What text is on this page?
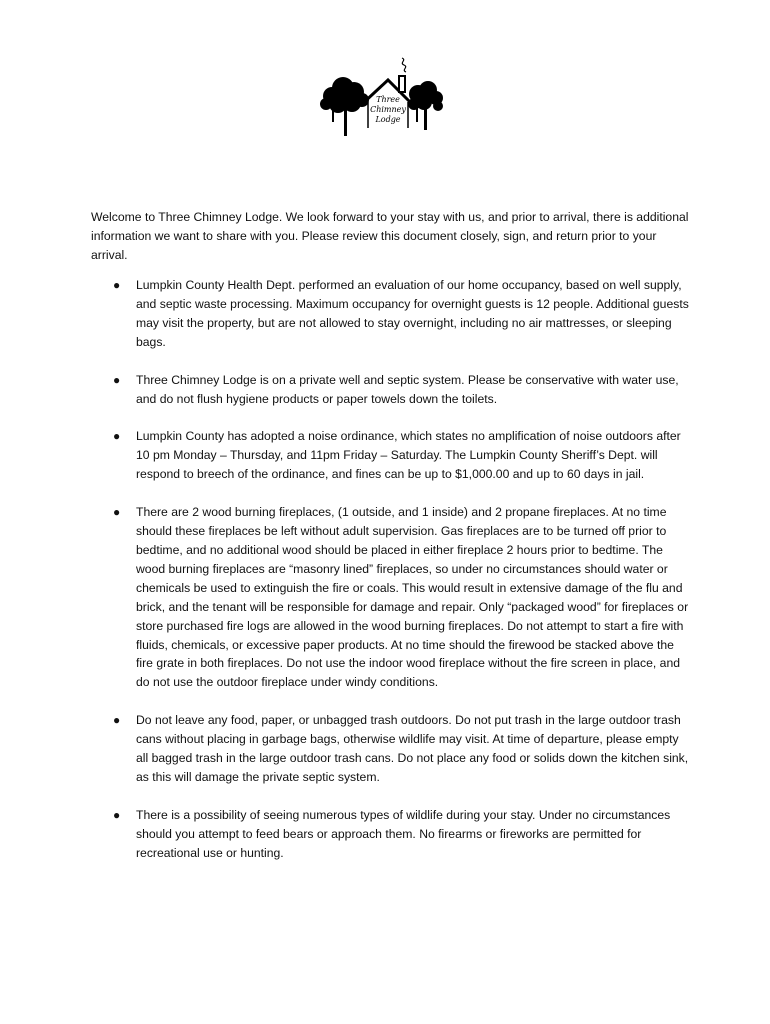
Three
Chimney
Lodge

Welcome to Three Chimney Lodge. We look forward to your stay with us, and prior to arrival, there is additional information we want to share with you. Please review this document closely, sign, and return prior to your arrival.

● Lumpkin County Health Dept. performed an evaluation of our home occupancy, based on well supply, and septic waste processing. Maximum occupancy for overnight guests is 12 people. Additional guests may visit the property, but are not allowed to stay overnight, including no air mattresses, or sleeping bags.
● Three Chimney Lodge is on a private well and septic system. Please be conservative with water use, and do not flush hygiene products or paper towels down the toilets.
● Lumpkin County has adopted a noise ordinance, which states no amplification of noise outdoors after 10 pm Monday – Thursday, and 11pm Friday – Saturday. The Lumpkin County Sheriff’s Dept. will respond to breech of the ordinance, and fines can be up to $1,000.00 and up to 60 days in jail.
● There are 2 wood burning fireplaces, (1 outside, and 1 inside) and 2 propane fireplaces. At no time should these fireplaces be left without adult supervision. Gas fireplaces are to be turned off prior to bedtime, and no additional wood should be placed in either fireplace 2 hours prior to bedtime. The wood burning fireplaces are “masonry lined” fireplaces, so under no circumstances should water or chemicals be used to extinguish the fire or coals. This would result in extensive damage of the flu and brick, and the tenant will be responsible for damage and repair. Only “packaged wood” for fireplaces or store purchased fire logs are allowed in the wood burning fireplaces. Do not attempt to start a fire with fluids, chemicals, or excessive paper products. At no time should the firewood be stacked above the fire grate in both fireplaces. Do not use the indoor wood fireplace without the fire screen in place, and do not use the outdoor fireplace under windy conditions.
● Do not leave any food, paper, or unbagged trash outdoors. Do not put trash in the large outdoor trash cans without placing in garbage bags, otherwise wildlife may visit. At time of departure, please empty all bagged trash in the large outdoor trash cans. Do not place any food or solids down the kitchen sink, as this will damage the private septic system.
● There is a possibility of seeing numerous types of wildlife during your stay. Under no circumstances should you attempt to feed bears or approach them. No firearms or fireworks are permitted for recreational use or hunting.
